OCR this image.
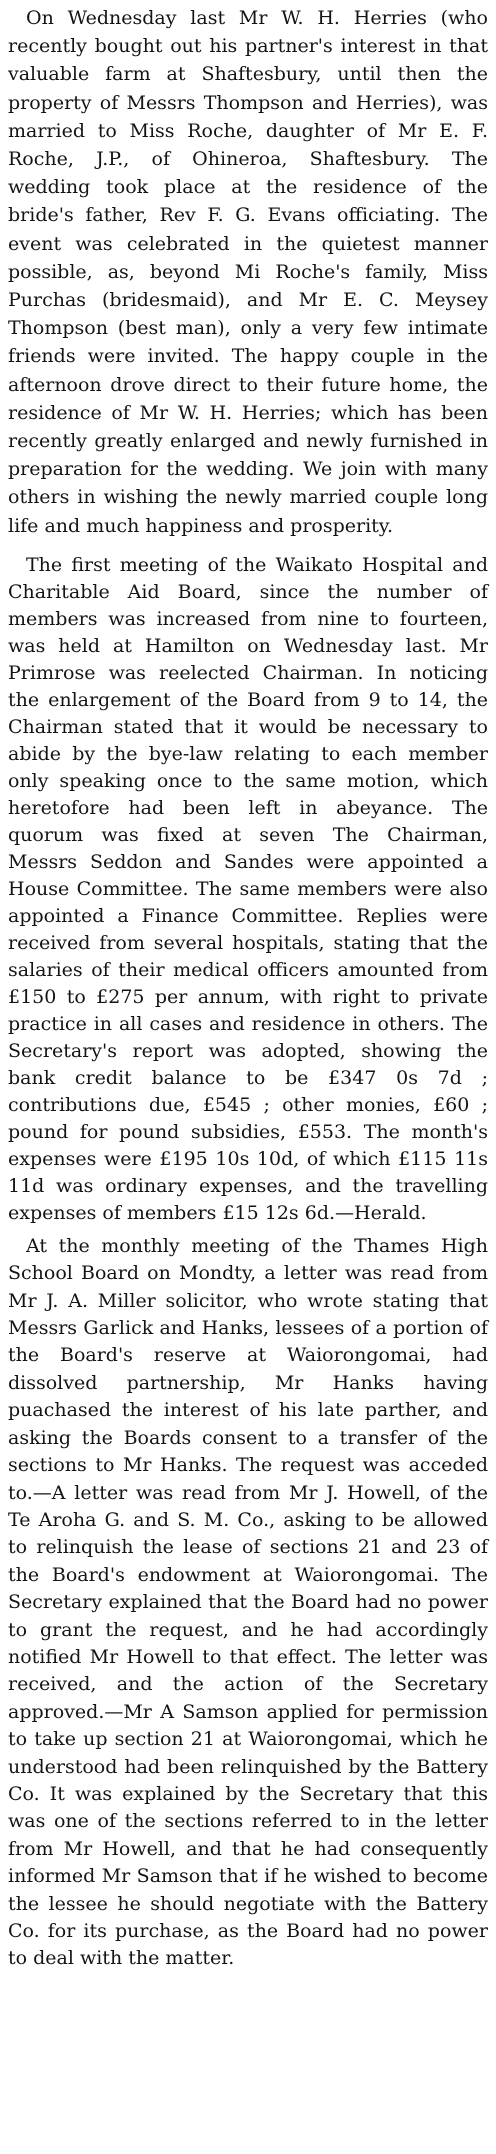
On Wednesday last Mr W. H. Herries (who recently bought out his partner's interest in that valuable farm at Shaftesbury, until then the property of Messrs Thompson and Herries), was married to Miss Roche, daughter of Mr E. F. Roche, J.P., of Ohineroa, Shaftesbury. The wedding took place at the residence of the bride's father, Rev F. G. Evans officiating. The event was celebrated in the quietest manner possible, as, beyond Mi Roche's family, Miss Purchas (bridesmaid), and Mr E. C. Meysey Thompson (best man), only a very few intimate friends were invited. The happy couple in the afternoon drove direct to their future home, the residence of Mr W. H. Herries; which has been recently greatly enlarged and newly furnished in preparation for the wedding. We join with many others in wishing the newly married couple long life and much happiness and prosperity.

The first meeting of the Waikato Hospital and Charitable Aid Board, since the number of members was increased from nine to fourteen, was held at Hamilton on Wednesday last. Mr Primrose was reelected Chairman. In noticing the enlargement of the Board from 9 to 14, the Chairman stated that it would be necessary to abide by the bye-law relating to each member only speaking once to the same motion, which heretofore had been left in abeyance. The quorum was fixed at seven The Chairman, Messrs Seddon and Sandes were appointed a House Committee. The same members were also appointed a Finance Committee. Replies were received from several hospitals, stating that the salaries of their medical officers amounted from £150 to £275 per annum, with right to private practice in all cases and residence in others. The Secretary's report was adopted, showing the bank credit balance to be £347 0s 7d ; contributions due, £545 ; other monies, £60 ; pound for pound subsidies, £553. The month's expenses were £195 10s 10d, of which £115 11s 11d was ordinary expenses, and the travelling expenses of members £15 12s 6d.—Herald.

At the monthly meeting of the Thames High School Board on Mondty, a letter was read from Mr J. A. Miller solicitor, who wrote stating that Messrs Garlick and Hanks, lessees of a portion of the Board's reserve at Waiorongomai, had dissolved partnership, Mr Hanks having puachased the interest of his late parther, and asking the Boards consent to a transfer of the sections to Mr Hanks. The request was acceded to.—A letter was read from Mr J. Howell, of the Te Aroha G. and S. M. Co., asking to be allowed to relinquish the lease of sections 21 and 23 of the Board's endowment at Waiorongomai. The Secretary explained that the Board had no power to grant the request, and he had accordingly notified Mr Howell to that effect. The letter was received, and the action of the Secretary approved.—Mr A Samson applied for permission to take up section 21 at Waiorongomai, which he understood had been relinquished by the Battery Co. It was explained by the Secretary that this was one of the sections referred to in the letter from Mr Howell, and that he had consequently informed Mr Samson that if he wished to become the lessee he should negotiate with the Battery Co. for its purchase, as the Board had no power to deal with the matter.
